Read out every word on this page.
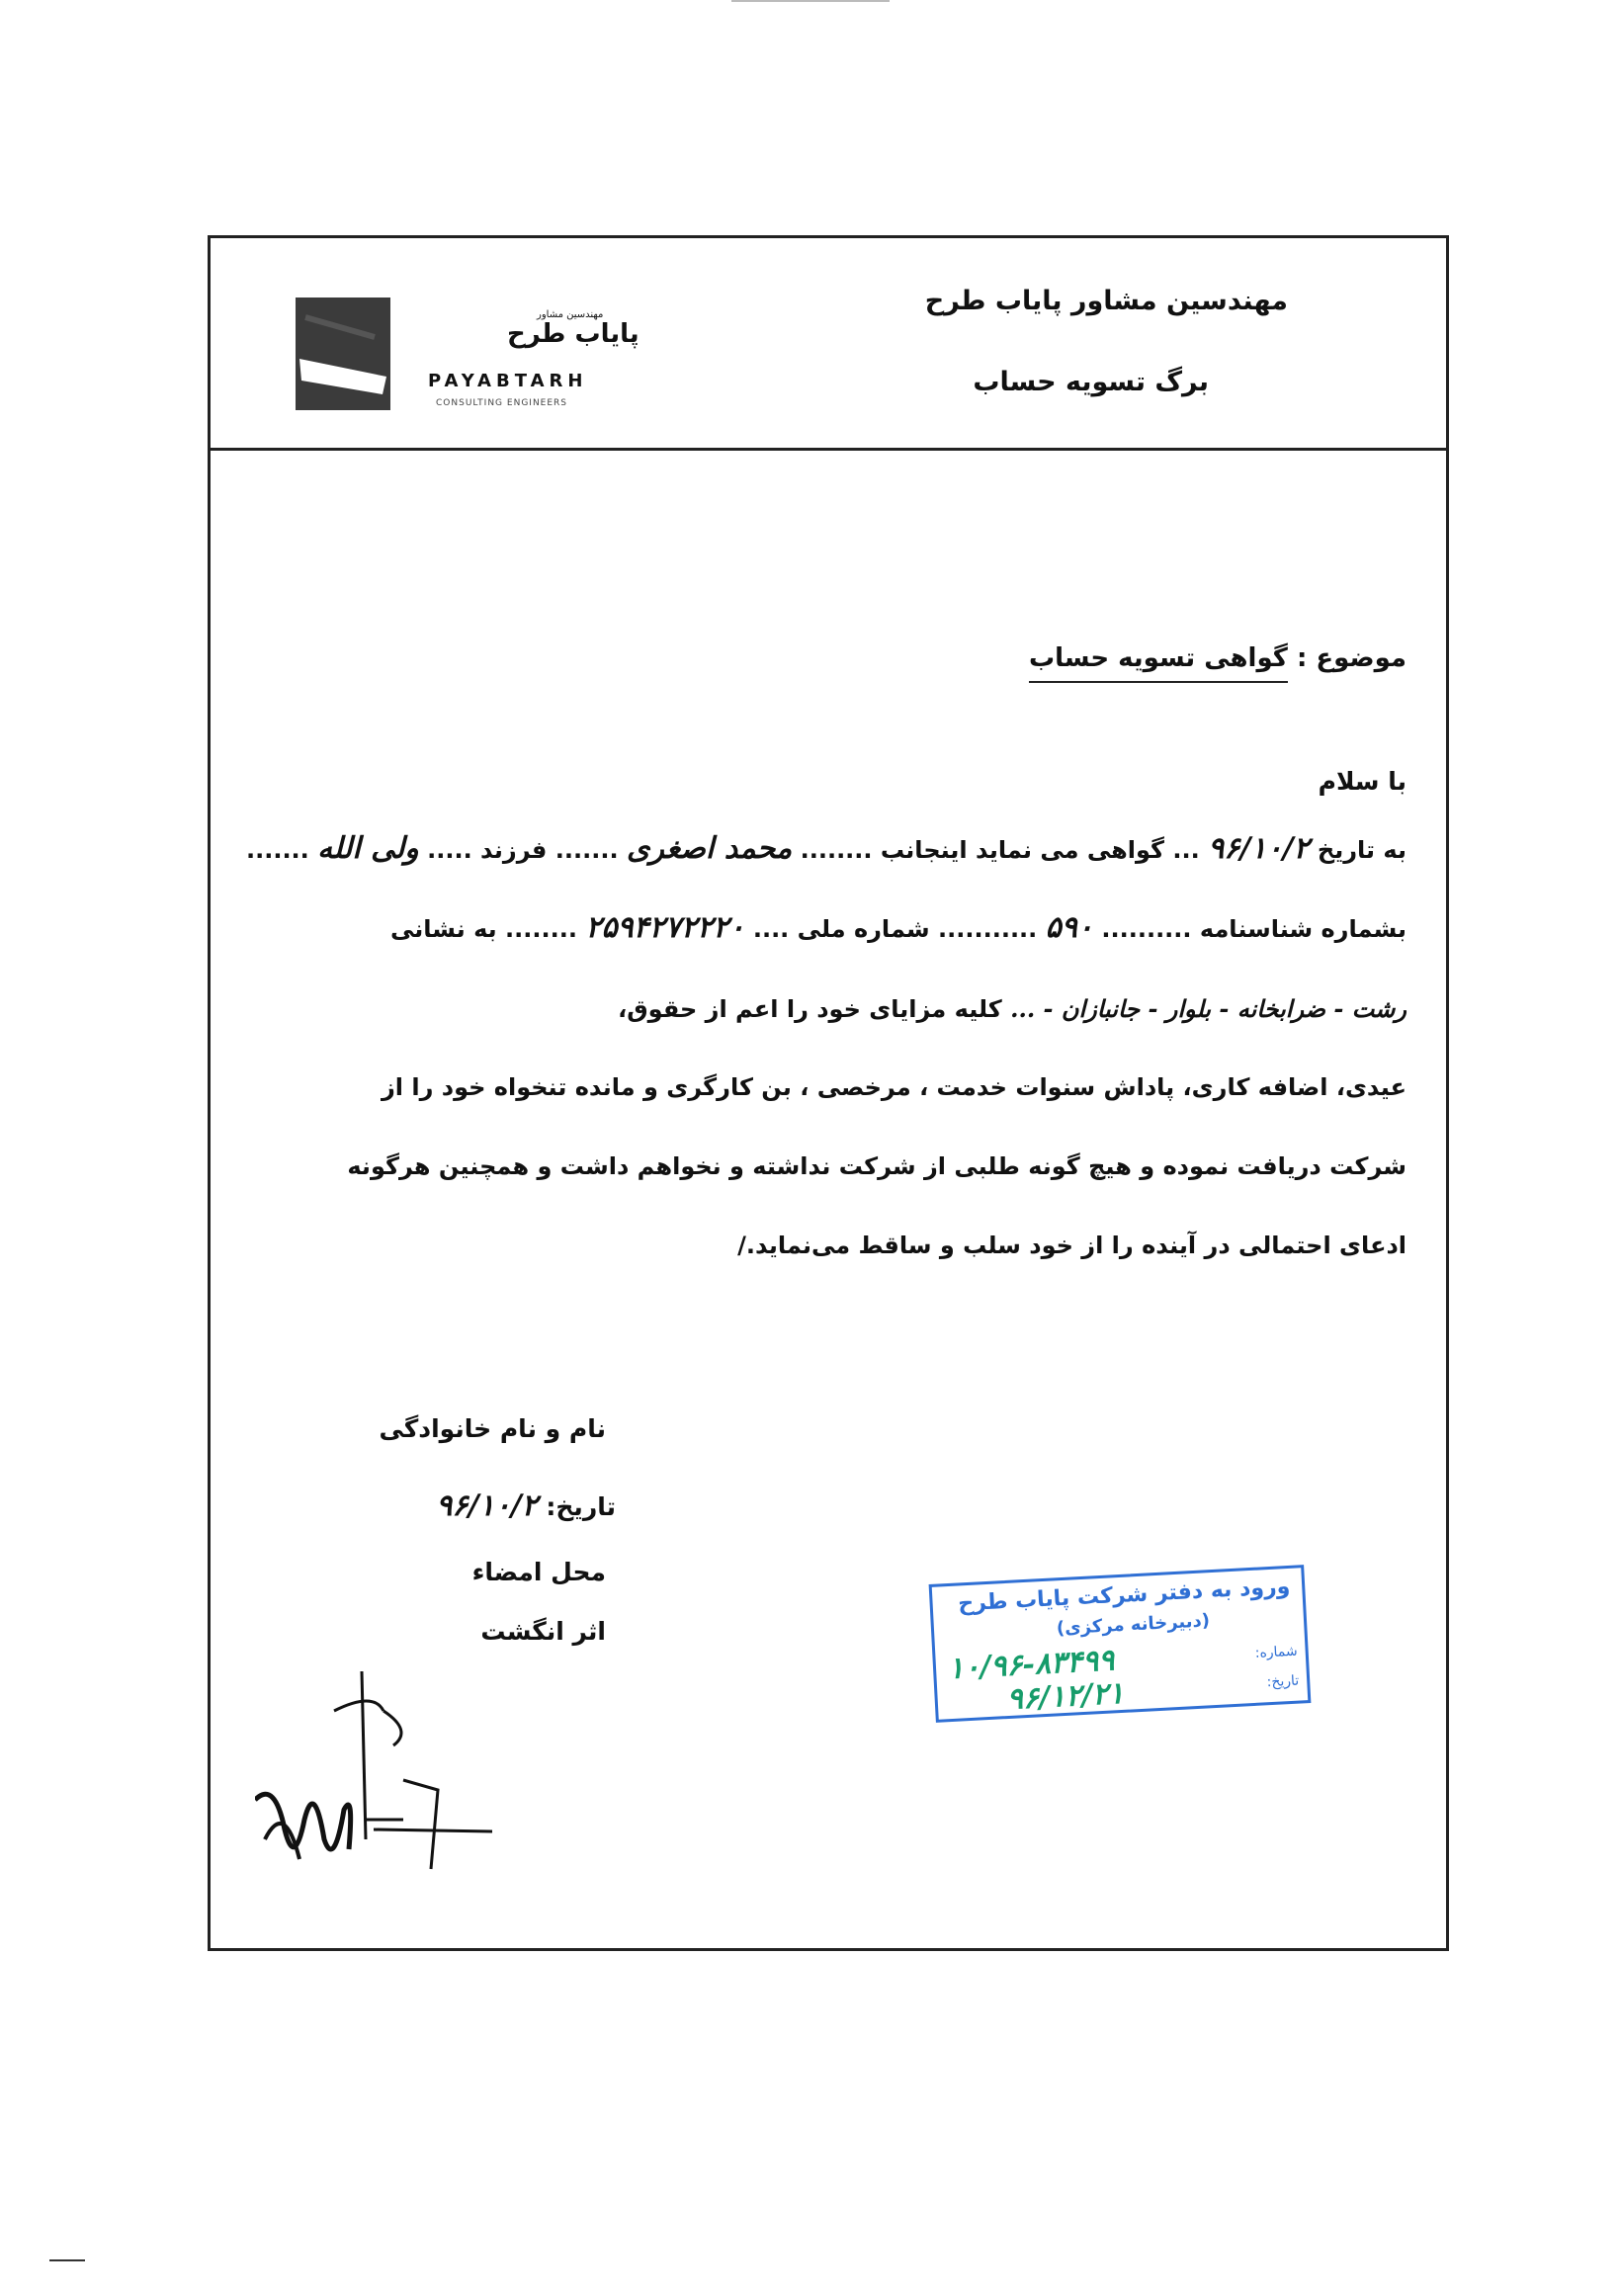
مهندسین مشاور پایاب طرح
برگ تسویه حساب
مهندسین مشاور
پایاب طرح
PAYABTARH
CONSULTING ENGINEERS
موضوع : گواهی تسویه حساب
با سلام
به تاریخ ۹۶/۱۰/۲ ... گواهی می نماید اینجانب ........ محمد اصغری ....... فرزند ..... ولی الله .......
بشماره شناسنامه .......... ۵۹۰ ........... شماره ملی .... ۲۵۹۴۲۷۲۲۲۰ ........ به نشانی
رشت - ضرابخانه - بلوار - جانبازان - ... کلیه مزایای خود را اعم از حقوق،
عیدی، اضافه کاری، پاداش سنوات خدمت ، مرخصی ، بن کارگری و مانده تنخواه خود را از
شرکت دریافت نموده و هیچ گونه طلبی از شرکت نداشته و نخواهم داشت و همچنین هرگونه
ادعای احتمالی در آینده را از خود سلب و ساقط می‌نماید./
نام و نام خانوادگی
تاریخ: ۹۶/۱۰/۲
محل امضاء
اثر انگشت
ورود به دفتر شرکت پایاب طرح
(دبیرخانه مرکزی)
شماره:
تاریخ:
۱۰/۹۶-۸۳۴۹۹
۹۶/۱۲/۲۱
